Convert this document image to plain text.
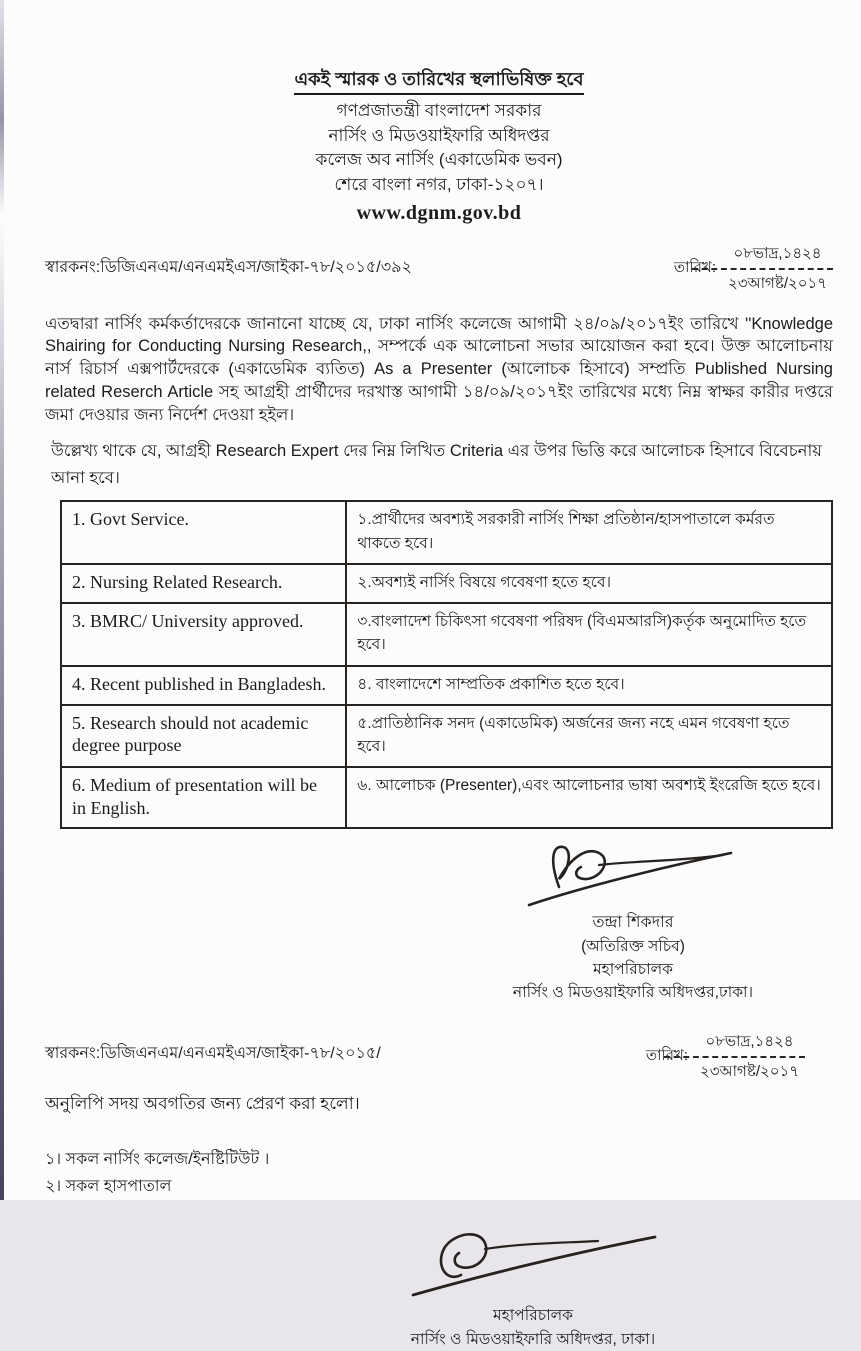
একই স্মারক ও তারিখের স্থলাভিষিক্ত হবে
গণপ্রজাতন্ত্রী বাংলাদেশ সরকার
নার্সিং ও মিডওয়াইফারি অধিদপ্তর
কলেজ অব নার্সিং (একাডেমিক ভবন)
শেরে বাংলা নগর, ঢাকা-১২০৭।
www.dgnm.gov.bd
স্বারকনং:ডিজিএনএম/এনএমইএস/জাইকা-৭৮/২০১৫/৩৯২	তারিখ:
০৮ভাদ্র,১৪২৪
২৩আগষ্ট/২০১৭

এতদ্বারা নার্সিং কর্মকর্তাদেরকে জানানো যাচ্ছে যে, ঢাকা নার্সিং কলেজে আগামী ২৪/০৯/২০১৭ইং তারিখে ''Knowledge Shairing for Conducting Nursing Research,, সম্পর্কে এক আলোচনা সভার আয়োজন করা হবে। উক্ত আলোচনায় নার্স রিচার্স এক্সপার্টদেরকে (একাডেমিক ব্যতিত) As a Presenter (আলোচক হিসাবে) সম্প্রতি Published Nursing related Reserch Article সহ আগ্রহী প্রার্থীদের দরখাস্ত আগামী ১৪/০৯/২০১৭ইং তারিখের মধ্যে নিম্ন স্বাক্ষর কারীর দপ্তরে জমা দেওয়ার জন্য নির্দেশ দেওয়া হইল।

উল্লেখ্য থাকে যে, আগ্রহী Research Expert দের নিম্ন লিখিত Criteria এর উপর ভিত্তি করে আলোচক হিসাবে বিবেচনায় আনা হবে।

1. Govt Service.	১.প্রার্থীদের অবশ্যই সরকারী নার্সিং শিক্ষা প্রতিষ্ঠান/হাসপাতালে কর্মরত থাকতে হবে।
2. Nursing Related Research.	২.অবশ্যই নার্সিং বিষয়ে গবেষণা হতে হবে।
3. BMRC/ University approved.	৩.বাংলাদেশ চিকিৎসা গবেষণা পরিষদ (বিএমআরসি)কর্তৃক অনুমোদিত হতে হবে।
4. Recent published in Bangladesh.	৪. বাংলাদেশে সাম্প্রতিক প্রকাশিত হতে হবে।
5. Research should not academic degree purpose	৫.প্রাতিষ্ঠানিক সনদ (একাডেমিক) অর্জনের জন্য নহে এমন গবেষণা হতে হবে।
6. Medium of presentation will be in English.	৬. আলোচক (Presenter),এবং আলোচনার ভাষা অবশ্যই ইংরেজি হতে হবে।
তন্দ্রা শিকদার
(অতিরিক্ত সচিব)
মহাপরিচালক
নার্সিং ও মিডওয়াইফারি অধিদপ্তর,ঢাকা।
স্বারকনং:ডিজিএনএম/এনএমইএস/জাইকা-৭৮/২০১৫/	তারিখ:
০৮ভাদ্র,১৪২৪
২৩আগষ্ট/২০১৭
অনুলিপি সদয় অবগতির জন্য প্রেরণ করা হলো।
১। সকল নার্সিং কলেজ/ইনষ্টিটিউট ।
২। সকল হাসপাতাল
মহাপরিচালক
নার্সিং ও মিডওয়াইফারি অধিদপ্তর, ঢাকা।
